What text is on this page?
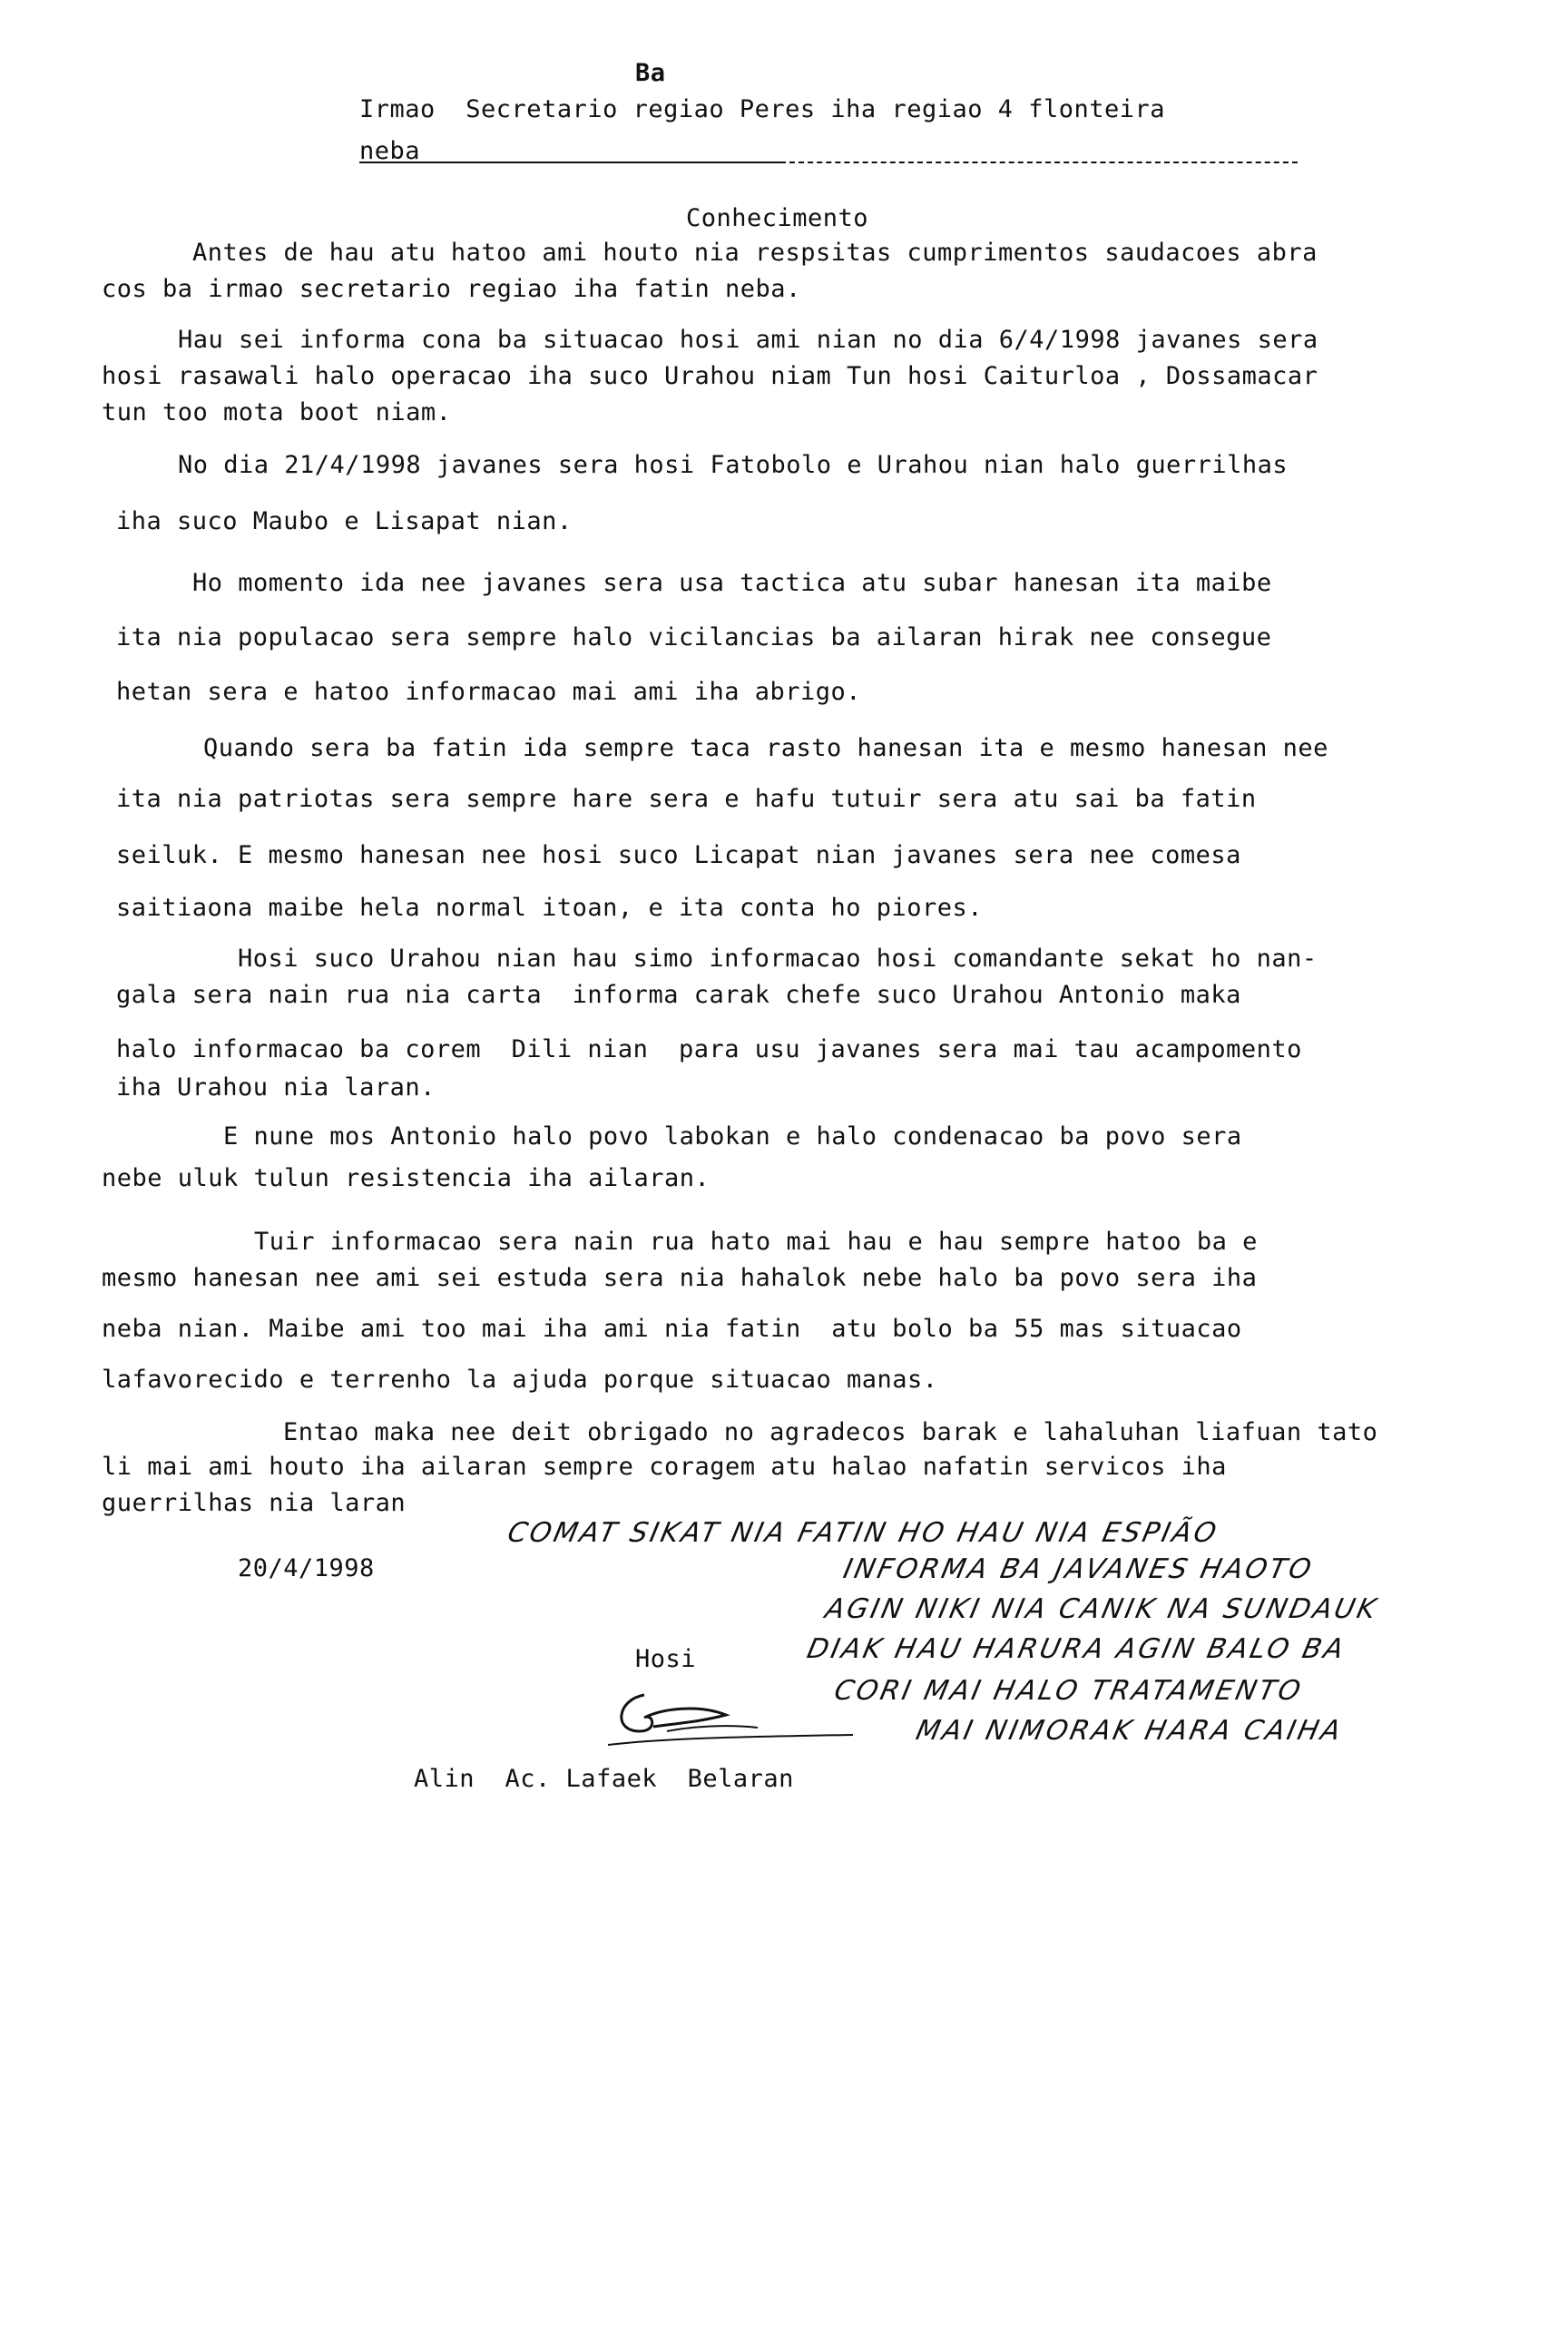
Ba
Irmao  Secretario regiao Peres iha regiao 4 flonteira
neba
Conhecimento
Antes de hau atu hatoo ami houto nia respsitas cumprimentos saudacoes abra
cos ba irmao secretario regiao iha fatin neba.
Hau sei informa cona ba situacao hosi ami nian no dia 6/4/1998 javanes sera
hosi rasawali halo operacao iha suco Urahou niam Tun hosi Caiturloa , Dossamacar
tun too mota boot niam.
No dia 21/4/1998 javanes sera hosi Fatobolo e Urahou nian halo guerrilhas
iha suco Maubo e Lisapat nian.
Ho momento ida nee javanes sera usa tactica atu subar hanesan ita maibe
ita nia populacao sera sempre halo vicilancias ba ailaran hirak nee consegue
hetan sera e hatoo informacao mai ami iha abrigo.
Quando sera ba fatin ida sempre taca rasto hanesan ita e mesmo hanesan nee
ita nia patriotas sera sempre hare sera e hafu tutuir sera atu sai ba fatin
seiluk. E mesmo hanesan nee hosi suco Licapat nian javanes sera nee comesa
saitiaona maibe hela normal itoan, e ita conta ho piores.
Hosi suco Urahou nian hau simo informacao hosi comandante sekat ho nan-
gala sera nain rua nia carta  informa carak chefe suco Urahou Antonio maka
halo informacao ba corem  Dili nian  para usu javanes sera mai tau acampomento
iha Urahou nia laran.
E nune mos Antonio halo povo labokan e halo condenacao ba povo sera
nebe uluk tulun resistencia iha ailaran.
Tuir informacao sera nain rua hato mai hau e hau sempre hatoo ba e
mesmo hanesan nee ami sei estuda sera nia hahalok nebe halo ba povo sera iha
neba nian. Maibe ami too mai iha ami nia fatin  atu bolo ba 55 mas situacao
lafavorecido e terrenho la ajuda porque situacao manas.
Entao maka nee deit obrigado no agradecos barak e lahaluhan liafuan tato
li mai ami houto iha ailaran sempre coragem atu halao nafatin servicos iha
guerrilhas nia laran
20/4/1998
COMAT SIKAT NIA FATIN HO HAU NIA ESPIÃO
INFORMA BA JAVANES HAOTO
AGIN NIKI NIA CANIK NA SUNDAUK
DIAK HAU HARURA AGIN BALO BA
CORI MAI HALO TRATAMENTO
MAI NIMORAK HARA CAIHA
Hosi
Alin  Ac. Lafaek  Belaran
